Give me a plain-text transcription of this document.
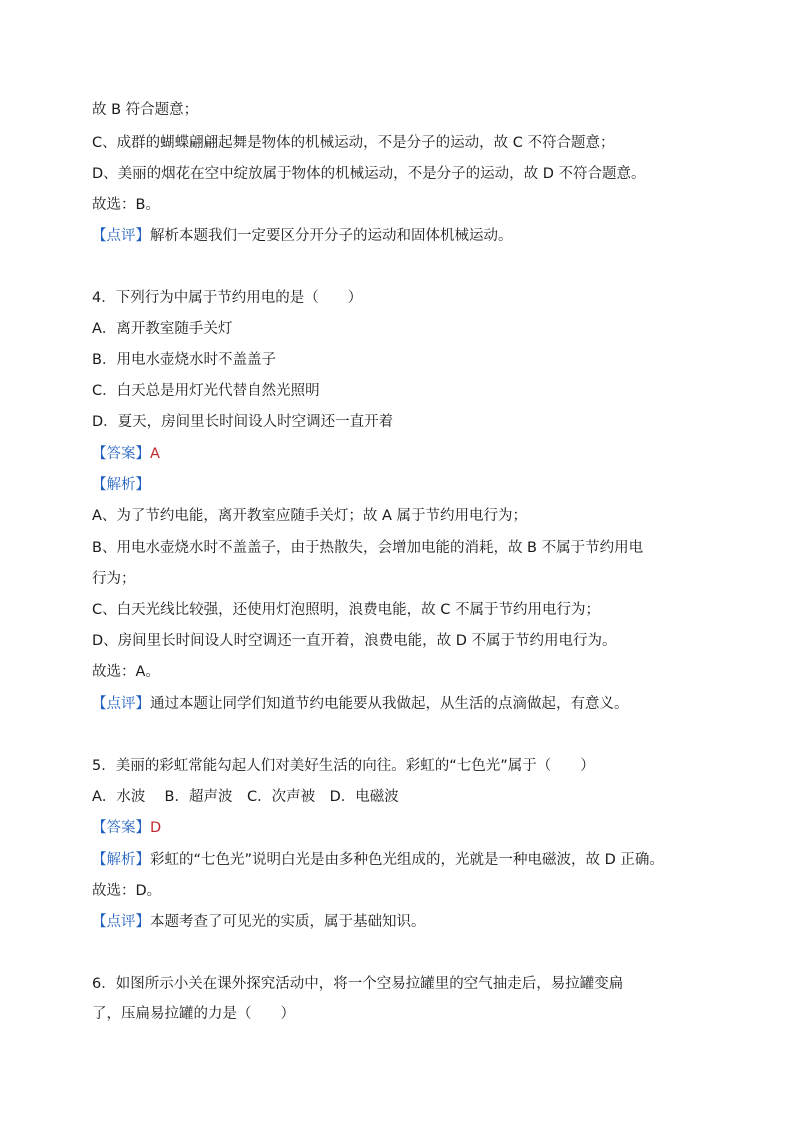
故 B 符合题意；
C、成群的蝴蝶翩翩起舞是物体的机械运动，不是分子的运动，故 C 不符合题意；
D、美丽的烟花在空中绽放属于物体的机械运动，不是分子的运动，故 D 不符合题意。
故选：B。
【点评】解析本题我们一定要区分开分子的运动和固体机械运动。
4．下列行为中属于节约用电的是（　　）
A．离开教室随手关灯
B．用电水壶烧水时不盖盖子
C．白天总是用灯光代替自然光照明
D．夏天，房间里长时间设人时空调还一直开着
【答案】A
【解析】
A、为了节约电能，离开教室应随手关灯；故 A 属于节约用电行为；
B、用电水壶烧水时不盖盖子，由于热散失，会增加电能的消耗，故 B 不属于节约用电
行为；
C、白天光线比较强，还使用灯泡照明，浪费电能，故 C 不属于节约用电行为；
D、房间里长时间设人时空调还一直开着，浪费电能，故 D 不属于节约用电行为。
故选：A。
【点评】通过本题让同学们知道节约电能要从我做起，从生活的点滴做起，有意义。
5．美丽的彩虹常能勾起人们对美好生活的向往。彩虹的“七色光”属于（　　）
A．水波　 B．超声波　C．次声被　D．电磁波
【答案】D
【解析】彩虹的“七色光”说明白光是由多种色光组成的，光就是一种电磁波，故 D 正确。
故选：D。
【点评】本题考查了可见光的实质，属于基础知识。
6．如图所示小关在课外探究活动中，将一个空易拉罐里的空气抽走后，易拉罐变扁
了，压扁易拉罐的力是（　　）
